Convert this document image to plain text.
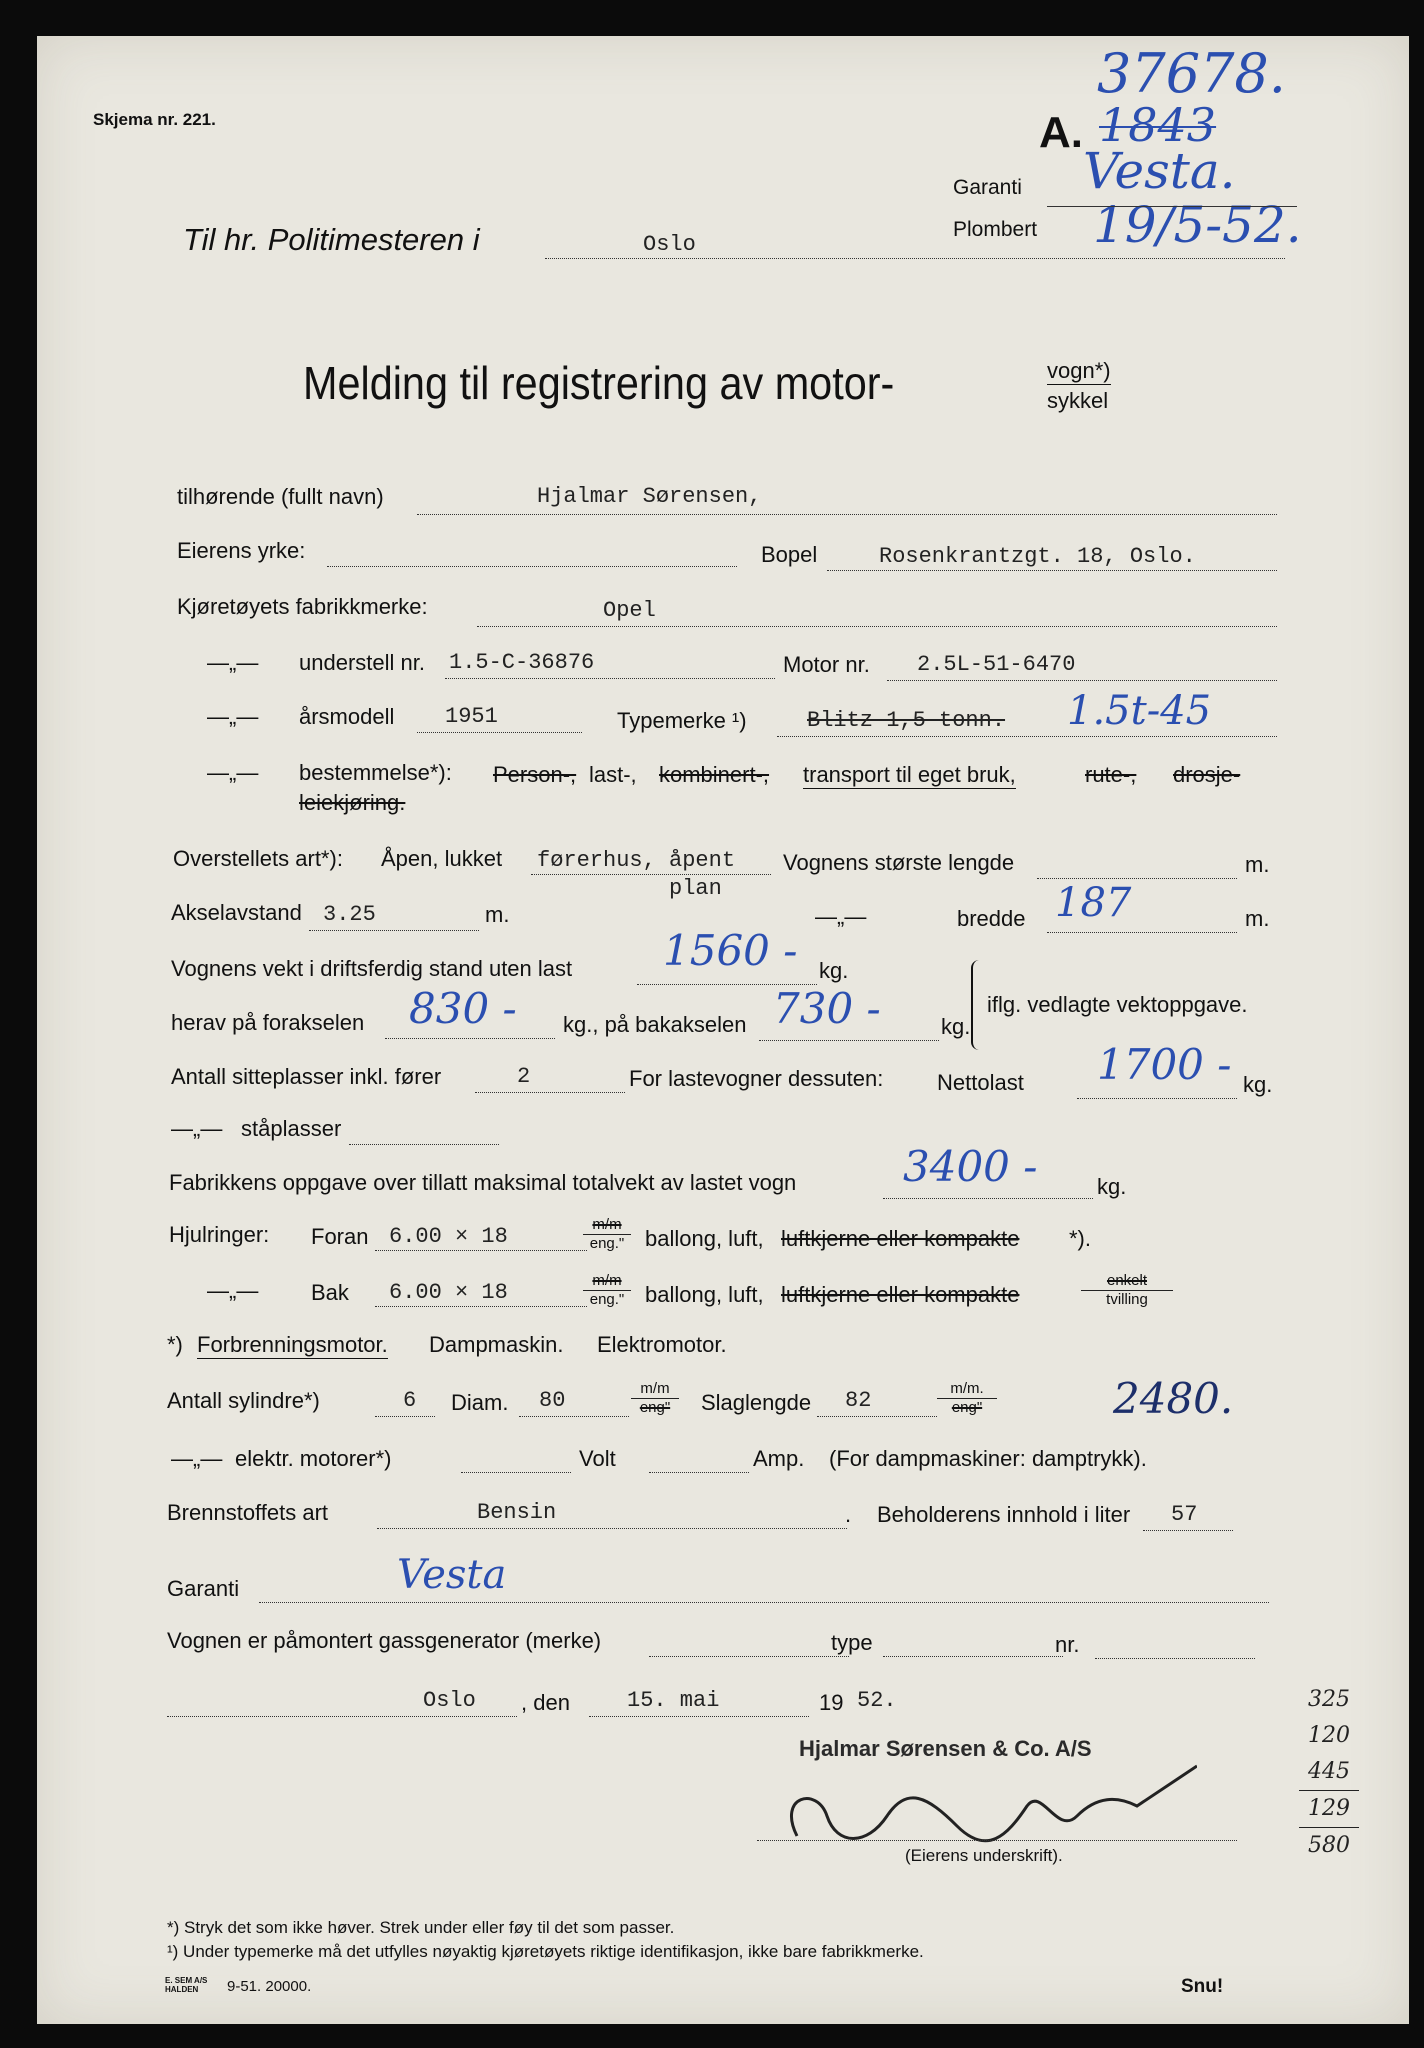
Skjema nr. 221.
37678.
A. 1843
Garanti Vesta.
Plombert 19/5-52.
Til hr. Politimesteren i	Oslo
Melding til registrering av motor-	vogn*)
sykkel
tilhørende (fullt navn)	Hjalmar Sørensen,
Eierens yrke:	Bopel	Rosenkrantzgt. 18, Oslo.
Kjøretøyets fabrikkmerke:	Opel
—„— understell nr. 1.5-C-36876	Motor nr. 2.5L-51-6470
—„— årsmodell 1951	Typemerke ¹)	Blitz 1,5 tonn. 1.5t-45
—„— bestemmelse*): Person-, last-, kombinert-, transport til eget bruk,	rute-, drosje-
leiekjøring.
Overstellets art*): Åpen, lukket førerhus, åpent
plan
Vognens største lengde	m.
Akselavstand 3.25	m.	—„—	bredde 187	m.
Vognens vekt i driftsferdig stand uten last 1560 - kg.
herav på forakselen 830 - kg., på bakakselen 730 -	kg.
iflg. vedlagte vektoppgave.
Antall sitteplasser inkl. fører	2	For lastevogner dessuten: Nettolast 1700 - kg.
—„— ståplasser
Fabrikkens oppgave over tillatt maksimal totalvekt av lastet vogn	3400 -	kg.
Hjulringer: Foran 6.00 × 18	m/m
eng." ballong, luft, luftkjerne eller kompakte *).
—„— Bak 6.00 × 18	m/m
eng." ballong, luft, luftkjerne eller kompakte
enkelt
tvilling
*) Forbrenningsmotor. Dampmaskin. Elektromotor.
Antall sylindre*)	6 Diam. 80	m/m
eng"	Slaglengde 82	m/m.
eng"	2480.
—„— elektr. motorer*)	Volt	Amp. (For dampmaskiner: damptrykk).
Brennstoffets art	Bensin	. Beholderens innhold i liter 57
Garanti	Vesta
Vognen er påmontert gassgenerator (merke)	type	nr.
Oslo , den	15. mai	19 52.
Hjalmar Sørensen & Co. A/S
(Eierens underskrift).
325
120
445
129
580
*) Stryk det som ikke høver. Strek under eller føy til det som passer.
¹) Under typemerke må det utfylles nøyaktig kjøretøyets riktige identifikasjon, ikke bare fabrikkmerke.
E. SEM A/S HALDEN	9-51. 20000.	Snu!
